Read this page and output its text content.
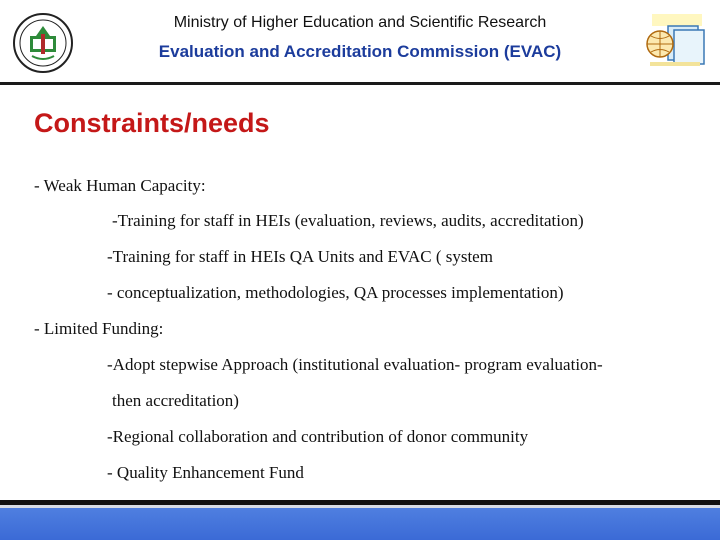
Ministry of Higher Education and Scientific Research
Evaluation and Accreditation Commission (EVAC)
Constraints/needs
- Weak Human Capacity:
-Training for staff in HEIs (evaluation, reviews, audits, accreditation)
-Training for staff in HEIs QA Units and EVAC ( system
- conceptualization, methodologies, QA processes implementation)
- Limited Funding:
-Adopt stepwise Approach (institutional evaluation- program evaluation-
then accreditation)
-Regional collaboration and contribution of donor community
- Quality Enhancement Fund
